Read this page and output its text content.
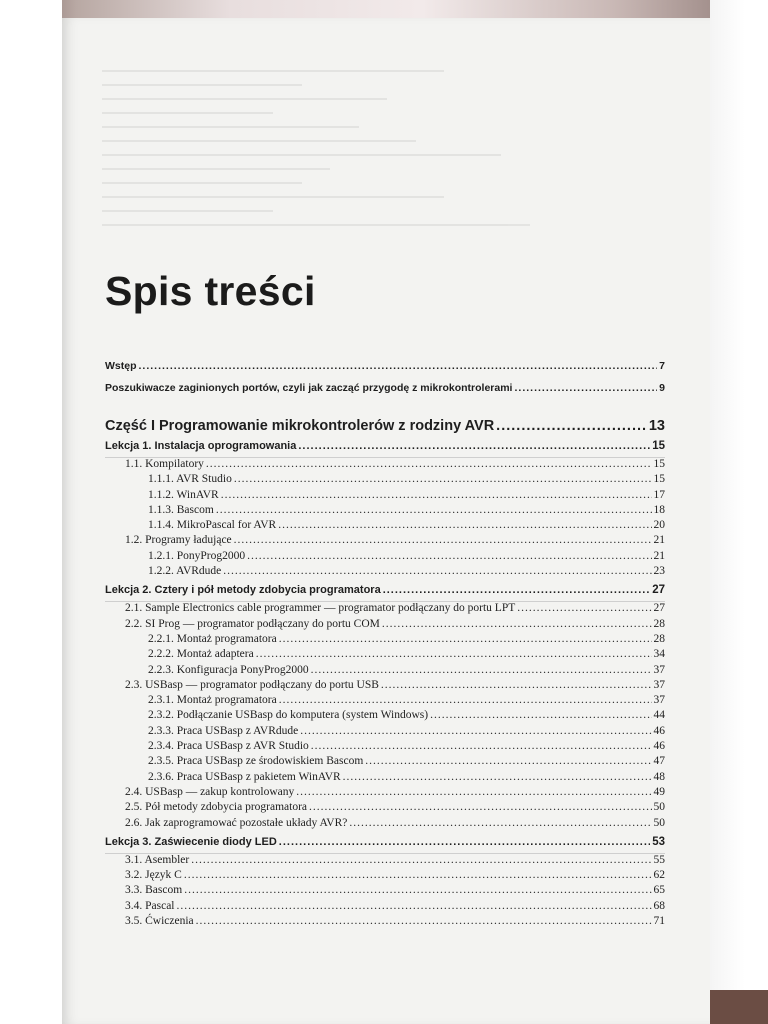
Spis treści
Wstęp .....	7
Poszukiwacze zaginionych portów, czyli jak zacząć przygodę z mikrokontrolerami .....	9
Część I Programowanie mikrokontrolerów z rodziny AVR .....	13
Lekcja 1. Instalacja oprogramowania .....	15
1.1. Kompilatory .....	15
1.1.1. AVR Studio .....	15
1.1.2. WinAVR .....	17
1.1.3. Bascom .....	18
1.1.4. MikroPascal for AVR .....	20
1.2. Programy ładujące .....	21
1.2.1. PonyProg2000 .....	21
1.2.2. AVRdude .....	23
Lekcja 2. Cztery i pół metody zdobycia programatora .....	27
2.1. Sample Electronics cable programmer — programator podłączany do portu LPT .....	27
2.2. SI Prog — programator podłączany do portu COM .....	28
2.2.1. Montaż programatora .....	28
2.2.2. Montaż adaptera .....	34
2.2.3. Konfiguracja PonyProg2000 .....	37
2.3. USBasp — programator podłączany do portu USB .....	37
2.3.1. Montaż programatora .....	37
2.3.2. Podłączanie USBasp do komputera (system Windows) .....	44
2.3.3. Praca USBasp z AVRdude .....	46
2.3.4. Praca USBasp z AVR Studio .....	46
2.3.5. Praca USBasp ze środowiskiem Bascom .....	47
2.3.6. Praca USBasp z pakietem WinAVR .....	48
2.4. USBasp — zakup kontrolowany .....	49
2.5. Pół metody zdobycia programatora .....	50
2.6. Jak zaprogramować pozostałe układy AVR? .....	50
Lekcja 3. Zaświecenie diody LED .....	53
3.1. Asembler .....	55
3.2. Język C .....	62
3.3. Bascom .....	65
3.4. Pascal .....	68
3.5. Ćwiczenia .....	71
